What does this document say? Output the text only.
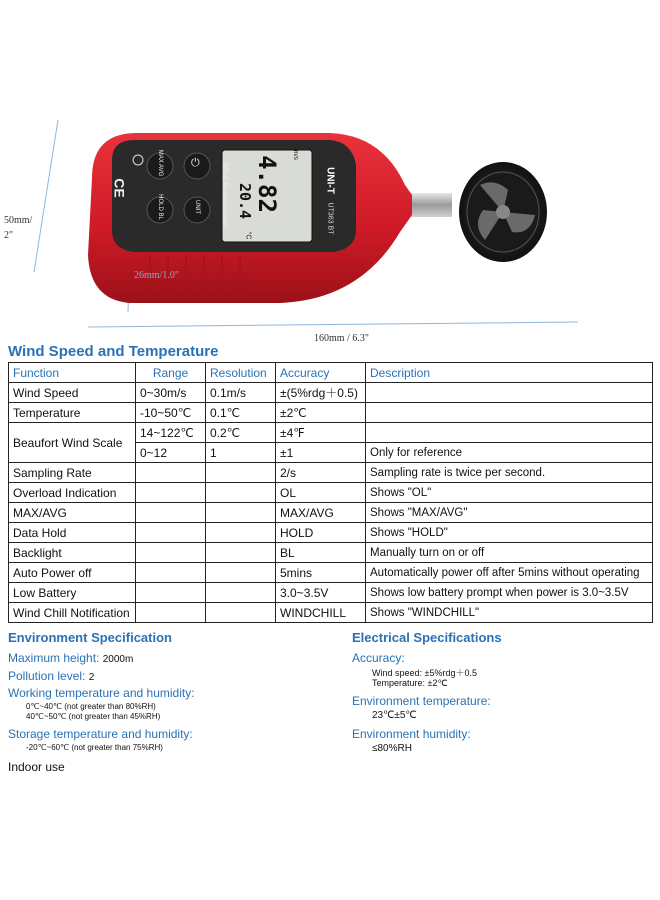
CE
MAX AVG	⏻
HOLD BL	UNIT	Wind Anemometer 4.82
m/s
20.4
°C
UNI-T
UT363 BT
50mm/
2"
26mm/1.0"
160mm / 6.3"
Wind Speed and Temperature
Function	Range	Resolution	Accuracy	Description
Wind Speed	0~30m/s	0.1m/s	±(5%rdg＋0.5)	
Temperature	-10~50℃	0.1℃	±2℃	
Beaufort Wind Scale	14~122℃	0.2℃	±4℉	
	0~12	1	±1	Only for reference
Sampling Rate			2/s	Sampling rate is twice per second.
Overload Indication			OL	Shows "OL"
MAX/AVG			MAX/AVG	Shows "MAX/AVG"
Data Hold			HOLD	Shows "HOLD"
Backlight			BL	Manually turn on or off
Auto Power off			5mins	Automatically power off after 5mins without operating
Low Battery			3.0~3.5V	Shows low battery prompt when power is 3.0~3.5V
Wind Chill Notification			WINDCHILL	Shows "WINDCHILL"
Environment Specification
Maximum height: 2000m
Pollution level: 2
Working temperature and humidity:
0℃~40℃ (not greater than 80%RH)
40℃~50℃ (not greater than 45%RH)
Storage temperature and humidity:
-20℃~60℃ (not greater than 75%RH)
Indoor use
Electrical Specifications
Accuracy:
Wind speed: ±5%rdg＋0.5
Temperature: ±2℃
Environment temperature:
23℃±5℃
Environment humidity:
≤80%RH
